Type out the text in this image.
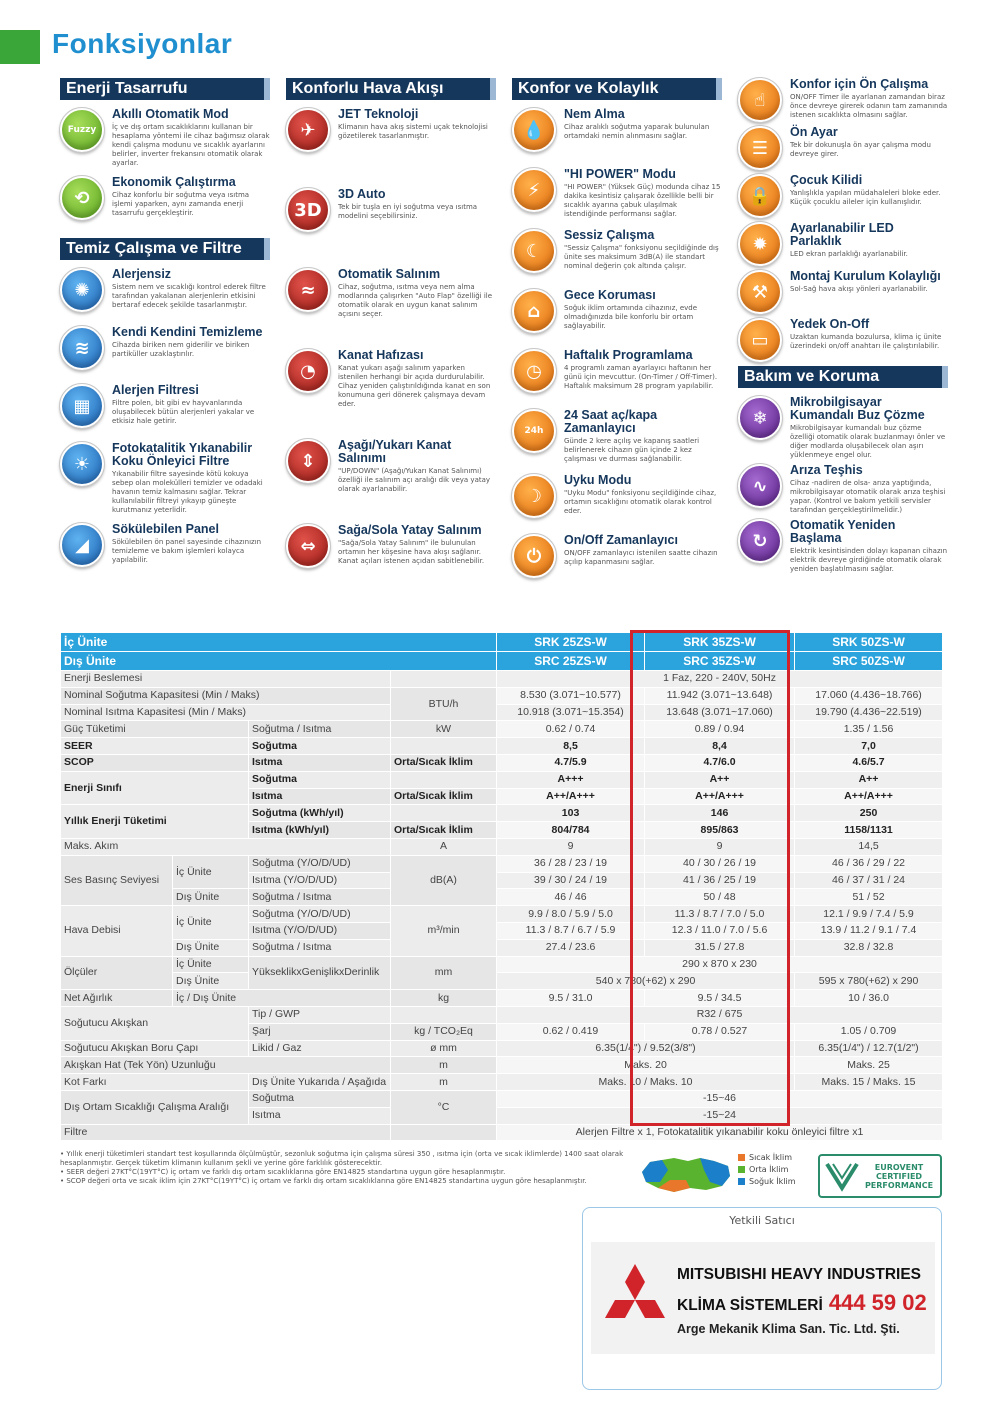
Fonksiyonlar
Enerji Tasarrufu
Fuzzy
Akıllı Otomatik Mod

İç ve dış ortam sıcaklıklarını kullanan bir hesaplama yöntemi ile cihaz bağımsız olarak kendi çalışma modunu ve sıcaklık ayarlarını belirler, inverter frekansını otomatik olarak ayarlar.

⟲
Ekonomik Çalıştırma

Cihaz konforlu bir soğutma veya ısıtma işlemi yaparken, aynı zamanda enerji tasarrufu gerçekleştirir.

Temiz Çalışma ve Filtre
✺
Alerjensiz

Sistem nem ve sıcaklığı kontrol ederek filtre tarafından yakalanan alerjenlerin etkisini bertaraf edecek şekilde tasarlanmıştır.

≋
Kendi Kendini Temizleme

Cihazda biriken nem giderilir ve biriken partiküller uzaklaştırılır.

▦
Alerjen Filtresi

Filtre polen, bit gibi ev hayvanlarında oluşabilecek bütün alerjenleri yakalar ve etkisiz hale getirir.

☀
Fotokatalitik Yıkanabilir Koku Önleyici Filtre

Yıkanabilir filtre sayesinde kötü kokuya sebep olan molekülleri temizler ve odadaki havanın temiz kalmasını sağlar. Tekrar kullanılabilir filtreyi yıkayıp güneşte kurutmanız yeterlidir.

◢
Sökülebilen Panel

Sökülebilen ön panel sayesinde cihazınızın temizleme ve bakım işlemleri kolayca yapılabilir.

Konforlu Hava Akışı
✈
JET Teknoloji

Klimanın hava akış sistemi uçak teknolojisi gözetilerek tasarlanmıştır.

3D
3D Auto

Tek bir tuşla en iyi soğutma veya ısıtma modelini seçebilirsiniz.

≈
Otomatik Salınım

Cihaz, soğutma, ısıtma veya nem alma modlarında çalışırken "Auto Flap" özelliği ile otomatik olarak en uygun kanat salınım açısını seçer.

◔
Kanat Hafızası

Kanat yukarı aşağı salınım yaparken istenilen herhangi bir açıda durdurulabilir. Cihaz yeniden çalıştırıldığında kanat en son konumuna geri dönerek çalışmaya devam eder.

⇕
Aşağı/Yukarı Kanat Salınımı

"UP/DOWN" (Aşağı/Yukarı Kanat Salınımı) özelliği ile salınım açı aralığı dik veya yatay olarak ayarlanabilir.

⇔
Sağa/Sola Yatay Salınım

"Sağa/Sola Yatay Salınım" ile bulunulan ortamın her köşesine hava akışı sağlanır. Kanat açıları istenen açıdan sabitlenebilir.

Konfor ve Kolaylık
💧
Nem Alma

Cihaz aralıklı soğutma yaparak bulunulan ortamdaki nemin alınmasını sağlar.

⚡
"HI POWER" Modu

"HI POWER" (Yüksek Güç) modunda cihaz 15 dakika kesintisiz çalışarak özellikle belli bir sıcaklık ayarına çabuk ulaşılmak istendiğinde performansı sağlar.

☾
Sessiz Çalışma

"Sessiz Çalışma" fonksiyonu seçildiğinde dış ünite ses maksimum 3dB(A) ile standart nominal değerin çok altında çalışır.

⌂
Gece Koruması

Soğuk iklim ortamında cihazınız, evde olmadığınızda bile konforlu bir ortam sağlayabilir.

◷
Haftalık Programlama

4 programlı zaman ayarlayıcı haftanın her günü için mevcuttur. (On-Timer / Off-Timer). Haftalık maksimum 28 program yapılabilir.

24h
24 Saat aç/kapa Zamanlayıcı

Günde 2 kere açılış ve kapanış saatleri belirlenerek cihazın gün içinde 2 kez çalışması ve durması sağlanabilir.

☽
Uyku Modu

"Uyku Modu" fonksiyonu seçildiğinde cihaz, ortamın sıcaklığını otomatik olarak kontrol eder.

⏻
On/Off Zamanlayıcı

ON/OFF zamanlayıcı istenilen saatte cihazın açılıp kapanmasını sağlar.

☝
Konfor için Ön Çalışma

ON/OFF Timer ile ayarlanan zamandan biraz önce devreye girerek odanın tam zamanında istenen sıcaklıkta olmasını sağlar.

☰
Ön Ayar

Tek bir dokunuşla ön ayar çalışma modu devreye girer.

🔒
Çocuk Kilidi

Yanlışlıkla yapılan müdahaleleri bloke eder. Küçük çocuklu aileler için kullanışlıdır.

✹
Ayarlanabilir LED Parlaklık

LED ekran parlaklığı ayarlanabilir.

⚒
Montaj Kurulum Kolaylığı

Sol-Sağ hava akışı yönleri ayarlanabilir.

▭
Yedek On-Off

Uzaktan kumanda bozulursa, klima iç ünite üzerindeki on/off anahtarı ile çalıştırılabilir.

Bakım ve Koruma
❄
Mikrobilgisayar Kumandalı Buz Çözme

Mikrobilgisayar kumandalı buz çözme özelliği otomatik olarak buzlanmayı önler ve diğer modlarda oluşabilecek olan aşırı yüklenmeye engel olur.

∿
Arıza Teşhis

Cihaz -nadiren de olsa- arıza yaptığında, mikrobilgisayar otomatik olarak arıza teşhisi yapar. (Kontrol ve bakım yetkili servisler tarafından gerçekleştirilmelidir.)

↻
Otomatik Yeniden Başlama

Elektrik kesintisinden dolayı kapanan cihazın elektrik devreye girdiğinde otomatik olarak yeniden başlatılmasını sağlar.

İç Ünite				SRK 25ZS-W	SRK 35ZS-W	SRK 50ZS-W
Dış Ünite				SRC 25ZS-W	SRC 35ZS-W	SRC 50ZS-W
Enerji Beslemesi				1 Faz, 220 - 240V, 50Hz		
Nominal Soğutma Kapasitesi (Min / Maks)			BTU/h	8.530 (3.071~10.577)	11.942 (3.071~13.648)	17.060 (4.436~18.766)
Nominal Isıtma Kapasitesi (Min / Maks)				10.918 (3.071~15.354)	13.648 (3.071~17.060)	19.790 (4.436~22.519)
Güç Tüketimi		Soğutma / Isıtma	kW	0.62 / 0.74	0.89 / 0.94	1.35 / 1.56
SEER		Soğutma		8,5	8,4	7,0
SCOP		Isıtma	Orta/Sıcak İklim	4.7/5.9	4.7/6.0	4.6/5.7
Enerji Sınıfı		Soğutma		A+++	A++	A++
		Isıtma	Orta/Sıcak İklim	A++/A+++	A++/A+++	A++/A+++
Yıllık Enerji Tüketimi		Soğutma (kWh/yıl)		103	146	250
		Isıtma (kWh/yıl)	Orta/Sıcak İklim	804/784	895/863	1158/1131
Maks. Akım			A	9	9	14,5
Ses Basınç Seviyesi	İç Ünite	Soğutma (Y/O/D/UD)	dB(A)	36 / 28 / 23 / 19	40 / 30 / 26 / 19	46 / 36 / 29 / 22
		Isıtma (Y/O/D/UD)		39 / 30 / 24 / 19	41 / 36 / 25 / 19	46 / 37 / 31 / 24
	Dış Ünite	Soğutma / Isıtma		46 / 46	50 / 48	51 / 52
Hava Debisi	İç Ünite	Soğutma (Y/O/D/UD)	m³/min	9.9 / 8.0 / 5.9 / 5.0	11.3 / 8.7 / 7.0 / 5.0	12.1 / 9.9 / 7.4 / 5.9
		Isıtma (Y/O/D/UD)		11.3 / 8.7 / 6.7 / 5.9	12.3 / 11.0 / 7.0 / 5.6	13.9 / 11.2 / 9.1 / 7.4
	Dış Ünite	Soğutma / Isıtma		27.4 / 23.6	31.5 / 27.8	32.8 / 32.8
Ölçüler	İç Ünite	YükseklikxGenişlikxDerinlik	mm	290 x 870 x 230		
	Dış Ünite			540 x 780(+62) x 290		595 x 780(+62) x 290
Net Ağırlık	İç / Dış Ünite		kg	9.5 / 31.0	9.5 / 34.5	10 / 36.0
Soğutucu Akışkan		Tip / GWP		R32 / 675		
		Şarj	kg / TCO₂Eq	0.62 / 0.419	0.78 / 0.527	1.05 / 0.709
Soğutucu Akışkan Boru Çapı		Likid / Gaz	ø mm	6.35(1/4") / 9.52(3/8")		6.35(1/4") / 12.7(1/2")
Akışkan Hat (Tek Yön) Uzunluğu			m	Maks. 20		Maks. 25
Kot Farkı		Dış Ünite Yukarıda / Aşağıda	m	Maks. 10 / Maks. 10		Maks. 15 / Maks. 15
Dış Ortam Sıcaklığı Çalışma Aralığı		Soğutma	°C	-15~46		
		Isıtma		-15~24		
Filtre				Alerjen Filtre x 1, Fotokatalitik yıkanabilir koku önleyici filtre x1		
• Yıllık enerji tüketimleri standart test koşullarında ölçülmüştür, sezonluk soğutma için çalışma süresi 350 , ısıtma için (orta ve sıcak iklimlerde) 1400 saat olarak hesaplanmıştır. Gerçek tüketim klimanın kullanım şekli ve yerine göre farklılık gösterecektir.
• SEER değeri 27KT°C(19YT°C) iç ortam ve farklı dış ortam sıcaklıklarına göre EN14825 standartına uygun göre hesaplanmıştır.
• SCOP değeri orta ve sıcak iklim için 27KT°C(19YT°C) iç ortam ve farklı dış ortam sıcaklıklarına göre EN14825 standartına uygun göre hesaplanmıştır.
Sıcak İklim
Orta İklim
Soğuk İklim
EUROVENT
CERTIFIED
PERFORMANCE
Yetkili Satıcı
MITSUBISHI HEAVY INDUSTRIES
KLİMA SİSTEMLERİ 444 59 02
Arge Mekanik Klima San. Tic. Ltd. Şti.
